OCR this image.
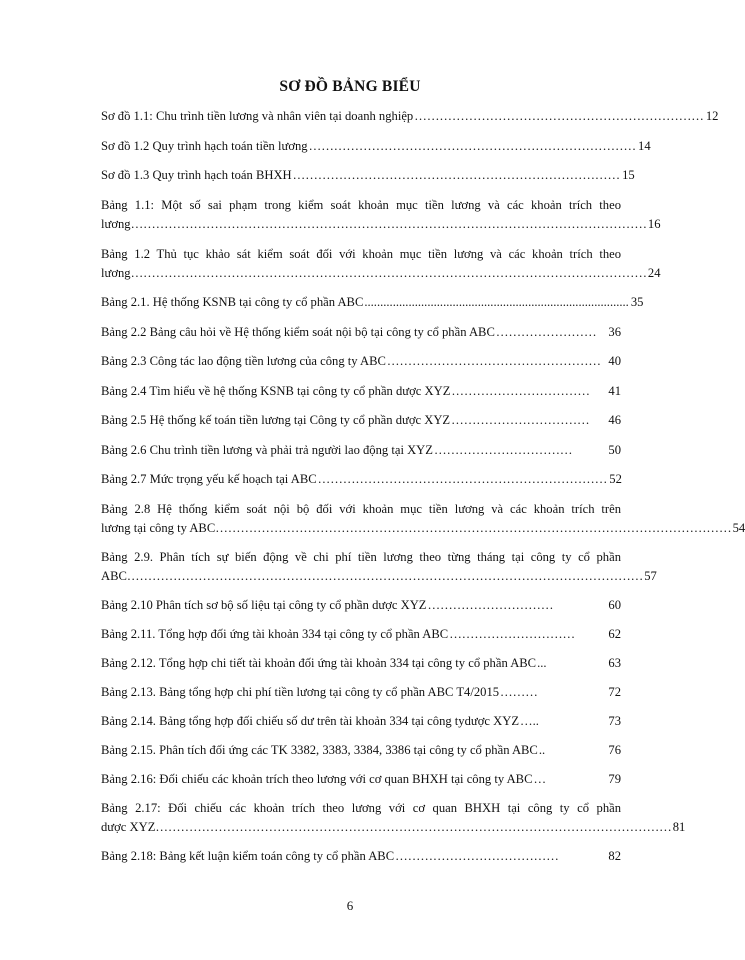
SƠ ĐỒ BẢNG BIỂU
Sơ đồ 1.1: Chu trình tiền lương và nhân viên tại doanh nghiệp …………………………………………………………… 12
Sơ đồ 1.2 Quy trình hạch toán tiền lương …………………………………………………………………… 14
Sơ đồ 1.3 Quy trình hạch toán BHXH …………………………………………………………………… 15
Bảng 1.1: Một số sai phạm trong kiểm soát khoản mục tiền lương và các khoản trích theo
lương …………………………………………………………………………………………………………… 16
Bảng 1.2 Thủ tục khảo sát kiểm soát đối với khoản mục tiền lương và các khoản trích theo
lương …………………………………………………………………………………………………………… 24
Bảng 2.1. Hệ thống KSNB tại công ty cổ phần ABC .................................................................................... 35
Bảng 2.2 Bảng câu hỏi về Hệ thống kiểm soát nội bộ tại công ty cổ phần ABC …………………… 36
Bảng 2.3 Công tác lao động tiền lương của công ty ABC …………………………………………… 40
Bảng 2.4 Tìm hiểu về hệ thống KSNB tại công ty cổ phần dược XYZ ……………………………	41
Bảng 2.5 Hệ thống kế toán tiền lương tại Công ty cổ phần dược XYZ ……………………………	46
Bảng 2.6 Chu trình tiền lương và phải trả người lao động tại XYZ ……………………………	50
Bảng 2.7 Mức trọng yếu kế hoạch tại ABC …………………………………………………………… 52
Bảng 2.8 Hệ thống kiểm soát nội bộ đối với khoản mục tiền lương và các khoản trích trên
lương tại công ty ABC …………………………………………………………………………………………………………… 54
Bảng 2.9. Phân tích sự biến động về chi phí tiền lương theo từng tháng tại công ty cổ phần
ABC …………………………………………………………………………………………………………… 57
Bảng 2.10 Phân tích sơ bộ số liệu tại công ty cổ phần dược XYZ …………………………	60
Bảng 2.11. Tổng hợp đối ứng tài khoản 334 tại công ty cổ phần ABC …………………………	62
Bảng 2.12. Tổng hợp chi tiết tài khoản đối ứng tài khoản 334 tại công ty cổ phần ABC ...	63
Bảng 2.13. Bảng tổng hợp chi phí tiền lương tại công ty cổ phần ABC T4/2015 ………	72
Bảng 2.14. Bảng tổng hợp đối chiếu số dư trên tài khoản 334 tại công tydược XYZ …..	73
Bảng 2.15. Phân tích đối ứng các TK 3382, 3383, 3384, 3386 tại công ty cổ phần ABC ..	76
Bảng 2.16: Đối chiếu các khoản trích theo lương với cơ quan BHXH tại công ty ABC …	79
Bảng 2.17: Đối chiếu các khoản trích theo lương với cơ quan BHXH tại công ty cổ phần
dược XYZ …………………………………………………………………………………………………………… 81
Bảng 2.18: Bảng kết luận kiểm toán công ty cổ phần ABC …………………………………	82
6
